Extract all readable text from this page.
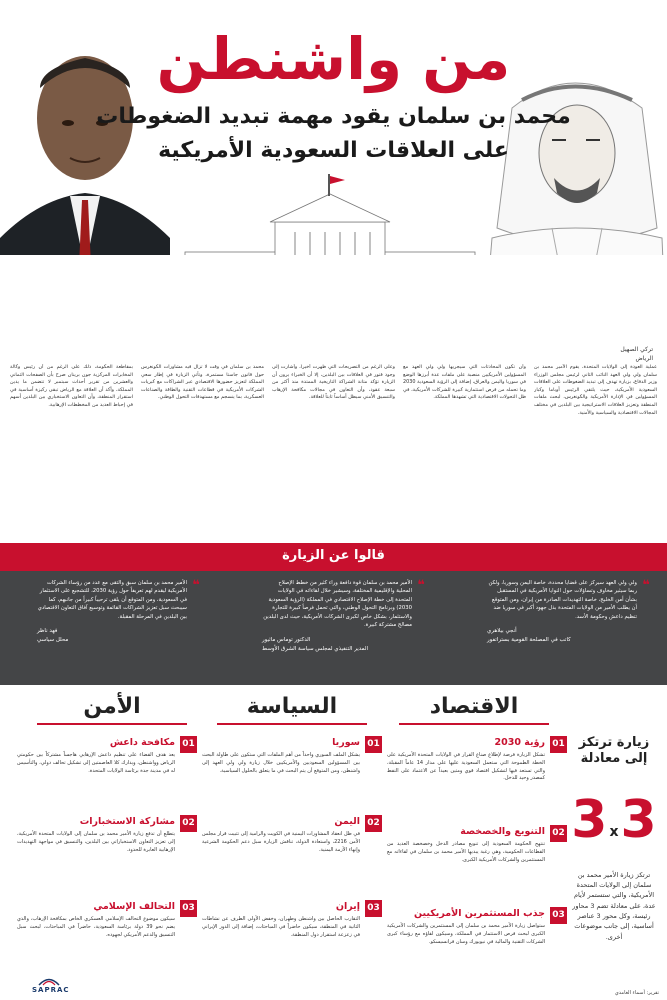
من واشنطن
محمد بن سلمان يقود مهمة تبديد الضغوطات
على العلاقات السعودية الأمريكية
تركي الصهيل
الرياض
عملية العودة إلى الولايات المتحدة، يقوم الأمير محمد بن سلمان ولي ولي العهد النائب الثاني لرئيس مجلس الوزراء وزير الدفاع، بزيارة تهدف إلى تبديد الضغوطات على العلاقات السعودية الأمريكية، حيث يلتقي الرئيس أوباما وكبار المسؤولين في الإدارة الأمريكية والكونغرس، لبحث ملفات المنطقة وتعزيز العلاقات الاستراتيجية بين البلدين في مختلف المجالات الاقتصادية والسياسية والأمنية.
وأن تكون المحادثات التي سيجريها ولي ولي العهد مع المسؤولين الأمريكيين منصبة على ملفات عدة أبرزها الوضع في سوريا واليمن والعراق، إضافة إلى الرؤية السعودية 2030 وما تحمله من فرص استثمارية كبيرة للشركات الأمريكية، في ظل التحولات الاقتصادية التي تشهدها المملكة.
وعلى الرغم من التصريحات التي ظهرت أخيراً، وأشارت إلى وجود فتور في العلاقات بين البلدين، إلا أن الخبراء يرون أن الزيارة تؤكد متانة الشراكة التاريخية الممتدة منذ أكثر من سبعة عقود، وأن التعاون في مجالات مكافحة الإرهاب والتنسيق الأمني سيظل أساساً ثابتاً للعلاقة.
محمد بن سلمان في وقت لا تزال فيه مشاورات الكونغرس حول قانون جاستا مستمرة، وتأتي الزيارة في إطار سعي المملكة لتعزيز حضورها الاقتصادي عبر الشراكات مع كبريات الشركات الأمريكية في قطاعات التقنية والطاقة والصناعات العسكرية، بما ينسجم مع مستهدفات التحول الوطني.
بمقاطعة الحكومة، ذلك على الرغم من أن رئيس وكالة المخابرات المركزية جون برينان صرح بأن الصفحات الثماني والعشرين من تقرير أحداث سبتمبر لا تتضمن ما يدين المملكة، وأكد أن العلاقة مع الرياض تبقى ركيزة أساسية في استقرار المنطقة، وأن التعاون الاستخباري بين البلدين أسهم في إحباط العديد من المخططات الإرهابية.
قالوا عن الزيارة
❝
ولي ولي العهد سيركز على قضايا محددة، خاصة اليمن وسوريا، ولكن ربما سيثير مخاوف وتساؤلات حول النوايا الأمريكية في المستقبل بشأن أمن الخليج، خاصة التهديدات الصادرة من إيران، ومن المتوقع أن يطلب الأمير من الولايات المتحدة بذل جهود أكبر في سوريا ضد تنظيم داعش وحكومة الأسد.
أنجي بيلاهري
كاتب في المصلحة القومية بستراتفور
❝
الأمير محمد بن سلمان قوة دافعة وراء كثير من خطط الإصلاح المحلية والإقليمية المختلفة، وسيشير خلال لقاءاته في الولايات المتحدة إلى خطة الإصلاح الاقتصادي في المملكة (الرؤية السعودية 2030) وبرنامج التحول الوطني، والتي تحمل فرصاً كبيرة للتجارة والاستثمار، بشكل خاص لكبرى الشركات الأمريكية، حيث لدى البلدين مصالح مشتركة كبيرة.
الدكتور توماس ماثيور
المدير التنفيذي لمجلس سياسة الشرق الأوسط
❝
الأمير محمد بن سلمان سبق والتقى مع عدد من رؤساء الشركات الأمريكية ليقدم لهم تعريفاً حول رؤية 2030، للتشجيع على الاستثمار في السعودية، ومن المتوقع أن يلقى ترحيباً كبيراً من جانبهم، كما سيبحث سبل تعزيز الشراكات القائمة وتوسيع آفاق التعاون الاقتصادي بين البلدين في المرحلة المقبلة.
فهد ناظر
محلل سياسي
الاقتصاد
السياسة
الأمن
01
رؤية 2030
تشكل الزيارة فرصة لإطلاع صناع القرار في الولايات المتحدة الأمريكية على الخطة الطموحة التي ستعمل السعودية عليها على مدار 14 عاماً المقبلة، والتي تستعد فيها لتشكيل اقتصاد قوي ومتين بعيداً عن الاعتماد على النفط كمصدر وحيد للدخل.
02
التنويع والخصخصة
تنتهج الحكومة السعودية إلى تنويع مصادر الدخل وخصخصة العديد من القطاعات الحكومية، وهي رغبة يبديها الأمير محمد بن سلمان في لقاءاته مع المستثمرين والشركات الأمريكية الكبرى.
03
جذب المستثمرين الأمريكيين
ستواصل زيارة الأمير محمد بن سلمان إلى المستثمرين والشركات الأمريكية الكبرى لبحث فرص الاستثمار في المملكة، وسيكون لقاؤه مع رؤساء كبرى الشركات التقنية والمالية في نيويورك وسان فرانسيسكو.
01
سوريا
يشكل الملف السوري واحداً من أهم الملفات التي ستكون على طاولة البحث بين المسؤولين السعوديين والأمريكيين خلال زيارة ولي ولي العهد إلى واشنطن، ومن المتوقع أن يتم البحث في ما يتعلق بالحلول السياسية.
02
اليمن
في ظل انعقاد المشاورات اليمنية في الكويت والرامية إلى تثبيت قرار مجلس الأمن 2216، واستعادة الدولة، تناقش الزيارة سبل دعم الحكومة الشرعية وإنهاء الأزمة اليمنية.
03
إيران
التقارب الحاصل بين واشنطن وطهران، وخفض الأولى الطرف عن نشاطات الثانية في المنطقة، سيكون حاضراً في المباحثات، إضافة إلى الدور الإيراني في زعزعة استقرار دول المنطقة.
01
مكافحة داعش
يعد هدف القضاء على تنظيم داعش الإرهابي هاجساً مشتركاً بين حكومتي الرياض وواشنطن، ويدارك كلا العاصمتين إلى تشكيل تحالف دولي، والتأسيس له في مدينة جدة برئاسة الولايات المتحدة.
02
مشاركة الاستخبارات
يتطلع أن تدفع زيارة الأمير محمد بن سلمان إلى الولايات المتحدة الأمريكية، إلى تعزيز التعاون الاستخباراتي بين البلدين، والتنسيق في مواجهة التهديدات الإرهابية العابرة للحدود.
03
التحالف الإسلامي
سيكون موضوع التحالف الإسلامي العسكري الخاص بمكافحة الإرهاب، والذي يضم نحو 39 دولة برئاسة السعودية، حاضراً في المباحثات، لبحث سبل التنسيق والدعم الأمريكي لجهوده.
زيارة ترتكز
إلى معادلة
3 x3
ترتكز زيارة الأمير محمد بن سلمان إلى الولايات المتحدة الأمريكية، والتي ستستمر لأيام عدة، على معادلة تضم 3 محاور رئيسة، وكل محور 3 عناصر أساسية، إلى جانب موضوعات أخرى.
تقرير: أسماء الغامدي
SAPRAC
